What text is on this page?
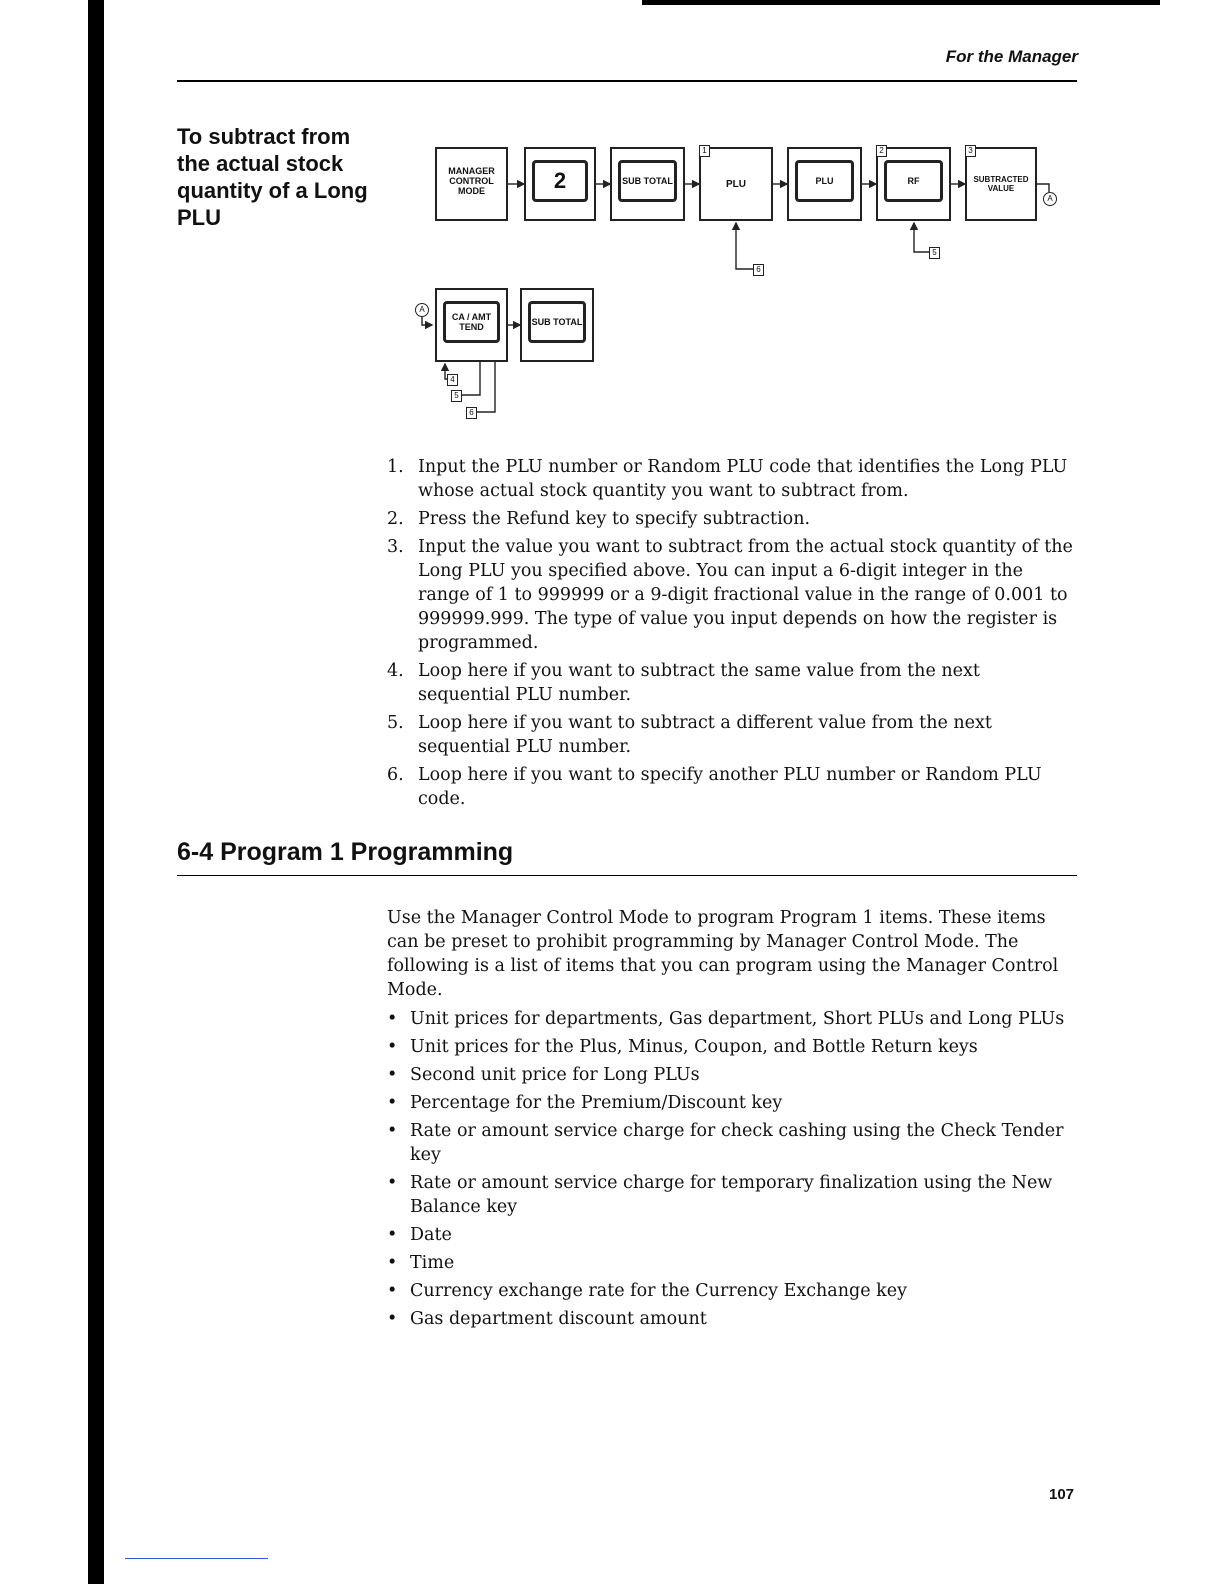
For the Manager
To subtract from the actual stock quantity of a Long PLU
MANAGER CONTROL MODE	2	SUB TOTAL	PLU	PLU	RF	SUBTRACTED VALUE
1	2	3
6
5
A
A
CA / AMT TEND	SUB TOTAL
4
5
6
1. Input the PLU number or Random PLU code that identifies the Long PLU whose actual stock quantity you want to subtract from.
2. Press the Refund key to specify subtraction.
3. Input the value you want to subtract from the actual stock quantity of the Long PLU you specified above. You can input a 6-digit integer in the range of 1 to 999999 or a 9-digit fractional value in the range of 0.001 to 999999.999. The type of value you input depends on how the register is programmed.
4. Loop here if you want to subtract the same value from the next sequential PLU number.
5. Loop here if you want to subtract a different value from the next sequential PLU number.
6. Loop here if you want to specify another PLU number or Random PLU code.
6-4 Program 1 Programming

Use the Manager Control Mode to program Program 1 items. These items can be preset to prohibit programming by Manager Control Mode. The following is a list of items that you can program using the Manager Control Mode.

• Unit prices for departments, Gas department, Short PLUs and Long PLUs
• Unit prices for the Plus, Minus, Coupon, and Bottle Return keys
• Second unit price for Long PLUs
• Percentage for the Premium/Discount key
• Rate or amount service charge for check cashing using the Check Tender key
• Rate or amount service charge for temporary finalization using the New Balance key
• Date
• Time
• Currency exchange rate for the Currency Exchange key
• Gas department discount amount
107
